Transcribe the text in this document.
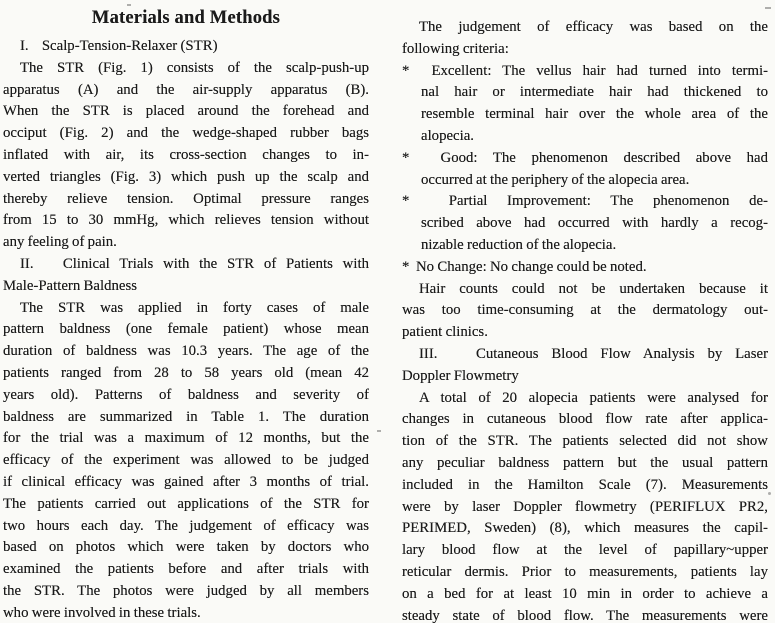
Materials and Methods
I.    Scalp-Tension-Relaxer (STR)
The STR (Fig. 1) consists of the scalp-push-up
apparatus (A) and the air-supply apparatus (B).
When the STR is placed around the forehead and
occiput (Fig. 2) and the wedge-shaped rubber bags
inflated with air, its cross-section changes to in-
verted triangles (Fig. 3) which push up the scalp and
thereby relieve tension. Optimal pressure ranges
from 15 to 30 mmHg, which relieves tension without
any feeling of pain.
II.   Clinical Trials with the STR of Patients with
Male-Pattern Baldness
The STR was applied in forty cases of male
pattern baldness (one female patient) whose mean
duration of baldness was 10.3 years. The age of the
patients ranged from 28 to 58 years old (mean 42
years old). Patterns of baldness and severity of
baldness are summarized in Table 1. The duration
for the trial was a maximum of 12 months, but the
efficacy of the experiment was allowed to be judged
if clinical efficacy was gained after 3 months of trial.
The patients carried out applications of the STR for
two hours each day. The judgement of efficacy was
based on photos which were taken by doctors who
examined the patients before and after trials with
the STR. The photos were judged by all members
who were involved in these trials.
The judgement of efficacy was based on the
following criteria:
*  Excellent: The vellus hair had turned into termi-
nal hair or intermediate hair had thickened to
resemble terminal hair over the whole area of the
alopecia.
*  Good: The phenomenon described above had
occurred at the periphery of the alopecia area.
*  Partial Improvement: The phenomenon de-
scribed above had occurred with hardly a recog-
nizable reduction of the alopecia.
*  No Change: No change could be noted.
Hair counts could not be undertaken because it
was too time-consuming at the dermatology out-
patient clinics.
III.   Cutaneous Blood Flow Analysis by Laser
Doppler Flowmetry
A total of 20 alopecia patients were analysed for
changes in cutaneous blood flow rate after applica-
tion of the STR. The patients selected did not show
any peculiar baldness pattern but the usual pattern
included in the Hamilton Scale (7). Measurements
were by laser Doppler flowmetry (PERIFLUX PR2,
PERIMED, Sweden) (8), which measures the capil-
lary blood flow at the level of papillary~upper
reticular dermis. Prior to measurements, patients lay
on a bed for at least 10 min in order to achieve a
steady state of blood flow. The measurements were
